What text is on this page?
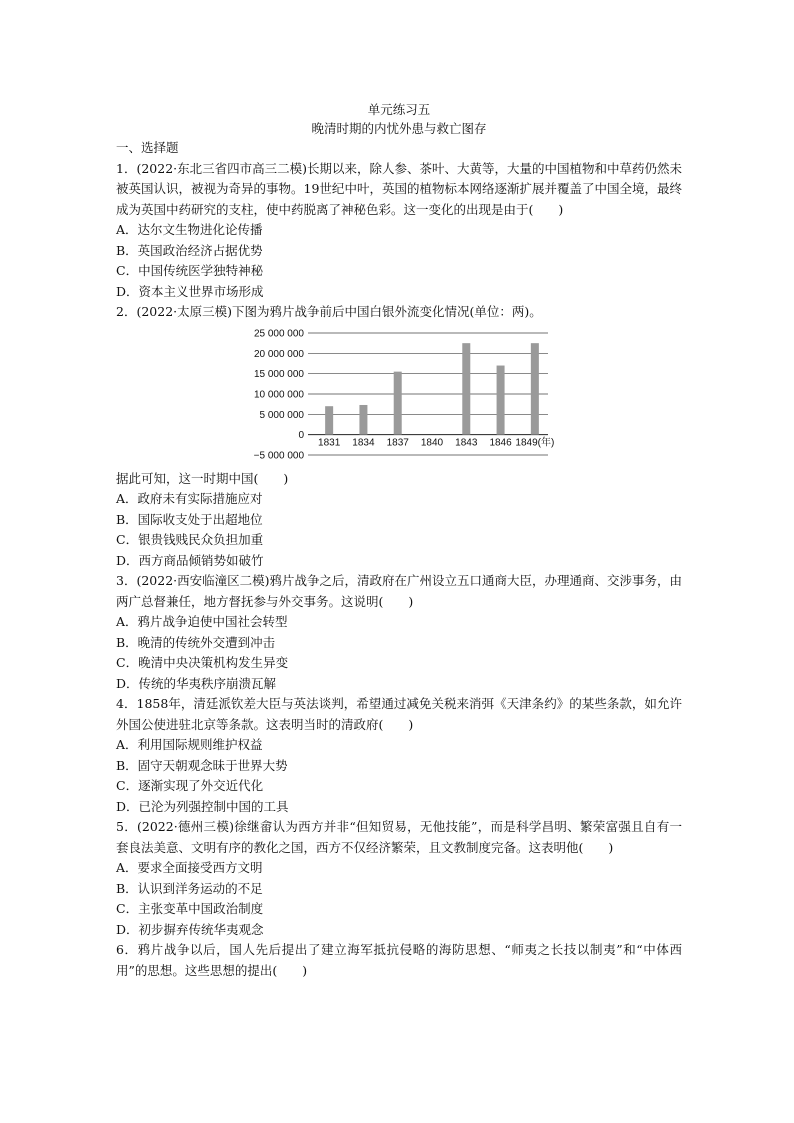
单元练习五
晚清时期的内忧外患与救亡图存
一、选择题
1．(2022·东北三省四市高三二模)长期以来，除人参、茶叶、大黄等，大量的中国植物和中草药仍然未被英国认识，被视为奇异的事物。19世纪中叶，英国的植物标本网络逐渐扩展并覆盖了中国全境，最终成为英国中药研究的支柱，使中药脱离了神秘色彩。这一变化的出现是由于(　　)
A．达尔文生物进化论传播
B．英国政治经济占据优势
C．中国传统医学独特神秘
D．资本主义世界市场形成
2．(2022·太原三模)下图为鸦片战争前后中国白银外流变化情况(单位：两)。
25 000 000
20 000 000
15 000 000
10 000 000
5 000 000
0
−5 000 000
1831 1834 1837 1840 1843 1846 1849(年)
据此可知，这一时期中国(　　)
A．政府未有实际措施应对
B．国际收支处于出超地位
C．银贵钱贱民众负担加重
D．西方商品倾销势如破竹
3．(2022·西安临潼区二模)鸦片战争之后，清政府在广州设立五口通商大臣，办理通商、交涉事务，由两广总督兼任，地方督抚参与外交事务。这说明(　　)
A．鸦片战争迫使中国社会转型
B．晚清的传统外交遭到冲击
C．晚清中央决策机构发生异变
D．传统的华夷秩序崩溃瓦解
4．1858年，清廷派钦差大臣与英法谈判，希望通过减免关税来消弭《天津条约》的某些条款，如允许外国公使进驻北京等条款。这表明当时的清政府(　　)
A．利用国际规则维护权益
B．固守天朝观念昧于世界大势
C．逐渐实现了外交近代化
D．已沦为列强控制中国的工具
5．(2022·德州三模)徐继畲认为西方并非“但知贸易，无他技能”，而是科学昌明、繁荣富强且自有一套良法美意、文明有序的教化之国，西方不仅经济繁荣，且文教制度完备。这表明他(　　)
A．要求全面接受西方文明
B．认识到洋务运动的不足
C．主张变革中国政治制度
D．初步摒弃传统华夷观念
6．鸦片战争以后，国人先后提出了建立海军抵抗侵略的海防思想、“师夷之长技以制夷”和“中体西用”的思想。这些思想的提出(　　)
